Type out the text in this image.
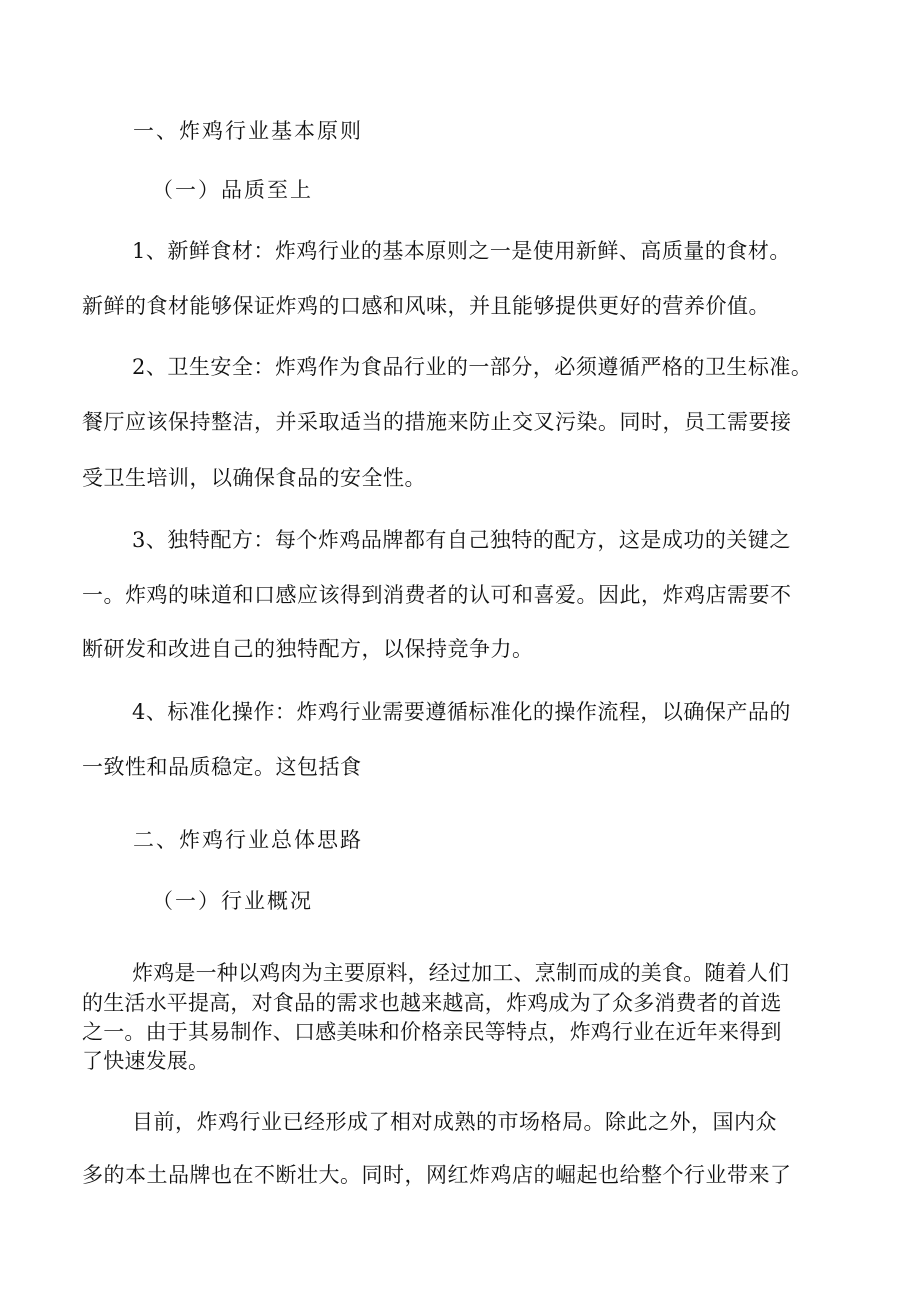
一、炸鸡行业基本原则
（一）品质至上
1、新鲜食材：炸鸡行业的基本原则之一是使用新鲜、高质量的食材。
新鲜的食材能够保证炸鸡的口感和风味，并且能够提供更好的营养价值。
2、卫生安全：炸鸡作为食品行业的一部分，必须遵循严格的卫生标准。
餐厅应该保持整洁，并采取适当的措施来防止交叉污染。同时，员工需要接
受卫生培训，以确保食品的安全性。
3、独特配方：每个炸鸡品牌都有自己独特的配方，这是成功的关键之
一。炸鸡的味道和口感应该得到消费者的认可和喜爱。因此，炸鸡店需要不
断研发和改进自己的独特配方，以保持竞争力。
4、标准化操作：炸鸡行业需要遵循标准化的操作流程，以确保产品的
一致性和品质稳定。这包括食
二、炸鸡行业总体思路
（一）行业概况
炸鸡是一种以鸡肉为主要原料，经过加工、烹制而成的美食。随着人们
的生活水平提高，对食品的需求也越来越高，炸鸡成为了众多消费者的首选
之一。由于其易制作、口感美味和价格亲民等特点，炸鸡行业在近年来得到
了快速发展。
目前，炸鸡行业已经形成了相对成熟的市场格局。除此之外，国内众
多的本土品牌也在不断壮大。同时，网红炸鸡店的崛起也给整个行业带来了
